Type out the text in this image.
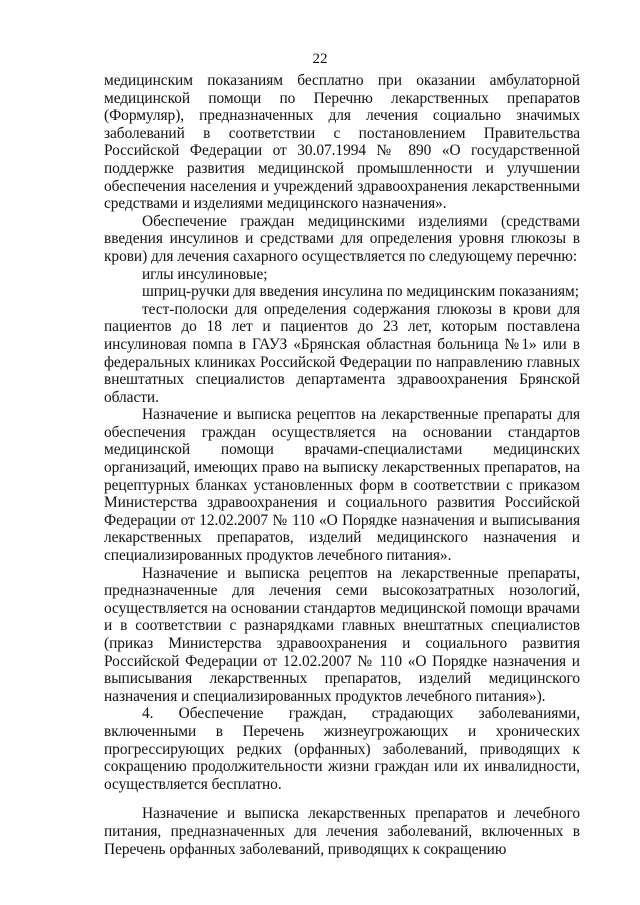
22

медицинским показаниям бесплатно при оказании амбулаторной медицинской помощи по Перечню лекарственных препаратов (Формуляр), предназначенных для лечения социально значимых заболеваний в соответствии с постановлением Правительства Российской Федерации от 30.07.1994 № 890 «О государственной поддержке развития медицинской промышленности и улучшении обеспечения населения и учреждений здравоохранения лекарственными средствами и изделиями медицинского назначения».

Обеспечение граждан медицинскими изделиями (средствами введения инсулинов и средствами для определения уровня глюкозы в крови) для лечения сахарного осуществляется по следующему перечню:

иглы инсулиновые;

шприц-ручки для введения инсулина по медицинским показаниям;

тест-полоски для определения содержания глюкозы в крови для пациентов до 18 лет и пациентов до 23 лет, которым поставлена инсулиновая помпа в ГАУЗ «Брянская областная больница №1» или в федеральных клиниках Российской Федерации по направлению главных внештатных специалистов департамента здравоохранения Брянской области.

Назначение и выписка рецептов на лекарственные препараты для обеспечения граждан осуществляется на основании стандартов медицинской помощи врачами-специалистами медицинских организаций, имеющих право на выписку лекарственных препаратов, на рецептурных бланках установленных форм в соответствии с приказом Министерства здравоохранения и социального развития Российской Федерации от 12.02.2007 № 110 «О Порядке назначения и выписывания лекарственных препаратов, изделий медицинского назначения и специализированных продуктов лечебного питания».

Назначение и выписка рецептов на лекарственные препараты, предназначенные для лечения семи высокозатратных нозологий, осуществляется на основании стандартов медицинской помощи врачами и в соответствии с разнарядками главных внештатных специалистов (приказ Министерства здравоохранения и социального развития Российской Федерации от 12.02.2007 № 110 «О Порядке назначения и выписывания лекарственных препаратов, изделий медицинского назначения и специализированных продуктов лечебного питания»).

4. Обеспечение граждан, страдающих заболеваниями, включенными в Перечень жизнеугрожающих и хронических прогрессирующих редких (орфанных) заболеваний, приводящих к сокращению продолжительности жизни граждан или их инвалидности, осуществляется бесплатно.

Назначение и выписка лекарственных препаратов и лечебного питания, предназначенных для лечения заболеваний, включенных в Перечень орфанных заболеваний, приводящих к сокращению
